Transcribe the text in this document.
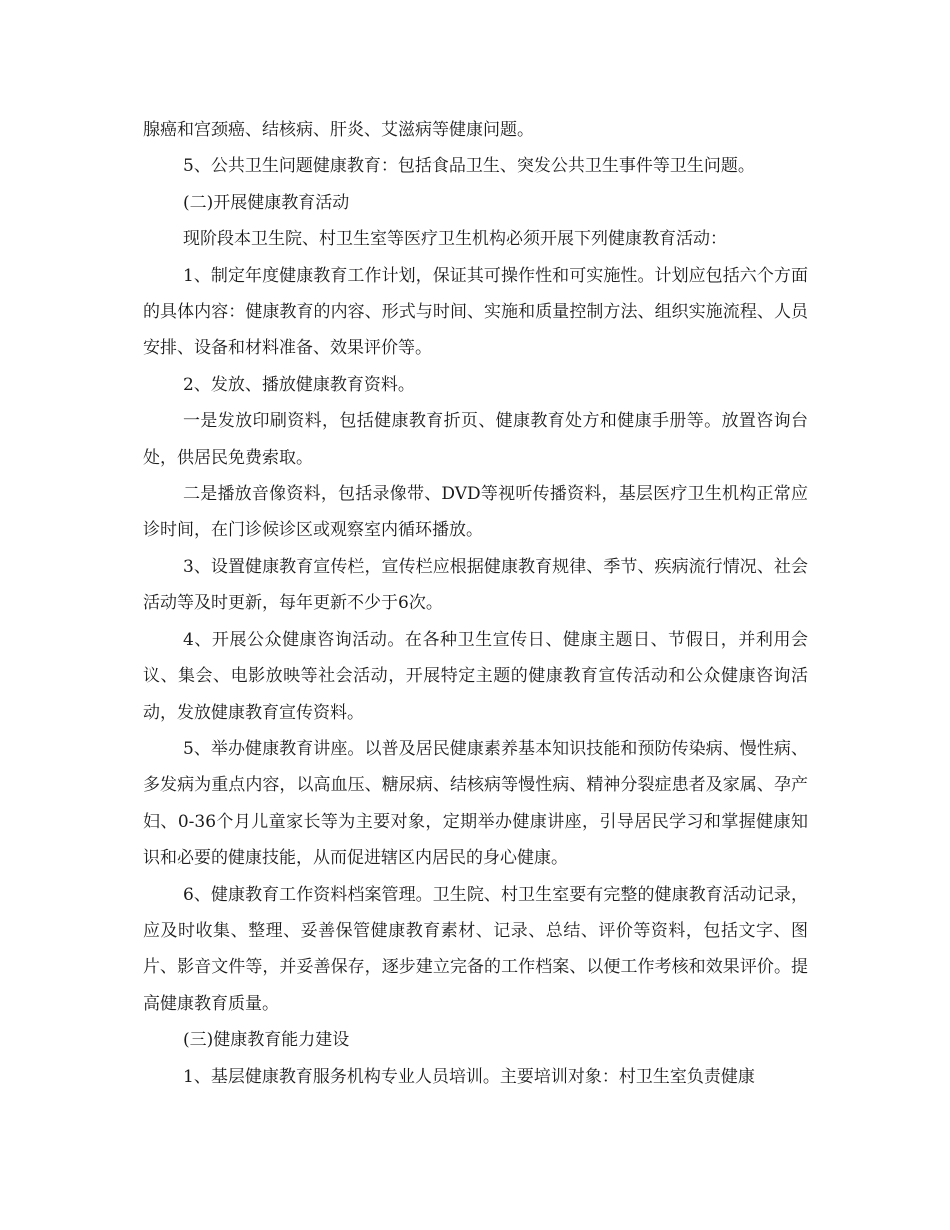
腺癌和宫颈癌、结核病、肝炎、艾滋病等健康问题。

5、公共卫生问题健康教育：包括食品卫生、突发公共卫生事件等卫生问题。

(二)开展健康教育活动

现阶段本卫生院、村卫生室等医疗卫生机构必须开展下列健康教育活动：

1、制定年度健康教育工作计划，保证其可操作性和可实施性。计划应包括六个方面的具体内容：健康教育的内容、形式与时间、实施和质量控制方法、组织实施流程、人员安排、设备和材料准备、效果评价等。

2、发放、播放健康教育资料。

一是发放印刷资料，包括健康教育折页、健康教育处方和健康手册等。放置咨询台处，供居民免费索取。

二是播放音像资料，包括录像带、DVD等视听传播资料，基层医疗卫生机构正常应诊时间，在门诊候诊区或观察室内循环播放。

3、设置健康教育宣传栏，宣传栏应根据健康教育规律、季节、疾病流行情况、社会活动等及时更新，每年更新不少于6次。

4、开展公众健康咨询活动。在各种卫生宣传日、健康主题日、节假日，并利用会议、集会、电影放映等社会活动，开展特定主题的健康教育宣传活动和公众健康咨询活动，发放健康教育宣传资料。

5、举办健康教育讲座。以普及居民健康素养基本知识技能和预防传染病、慢性病、多发病为重点内容，以高血压、糖尿病、结核病等慢性病、精神分裂症患者及家属、孕产妇、0-36个月儿童家长等为主要对象，定期举办健康讲座，引导居民学习和掌握健康知识和必要的健康技能，从而促进辖区内居民的身心健康。

6、健康教育工作资料档案管理。卫生院、村卫生室要有完整的健康教育活动记录，应及时收集、整理、妥善保管健康教育素材、记录、总结、评价等资料，包括文字、图片、影音文件等，并妥善保存，逐步建立完备的工作档案、以便工作考核和效果评价。提高健康教育质量。

(三)健康教育能力建设

1、基层健康教育服务机构专业人员培训。主要培训对象：村卫生室负责健康
